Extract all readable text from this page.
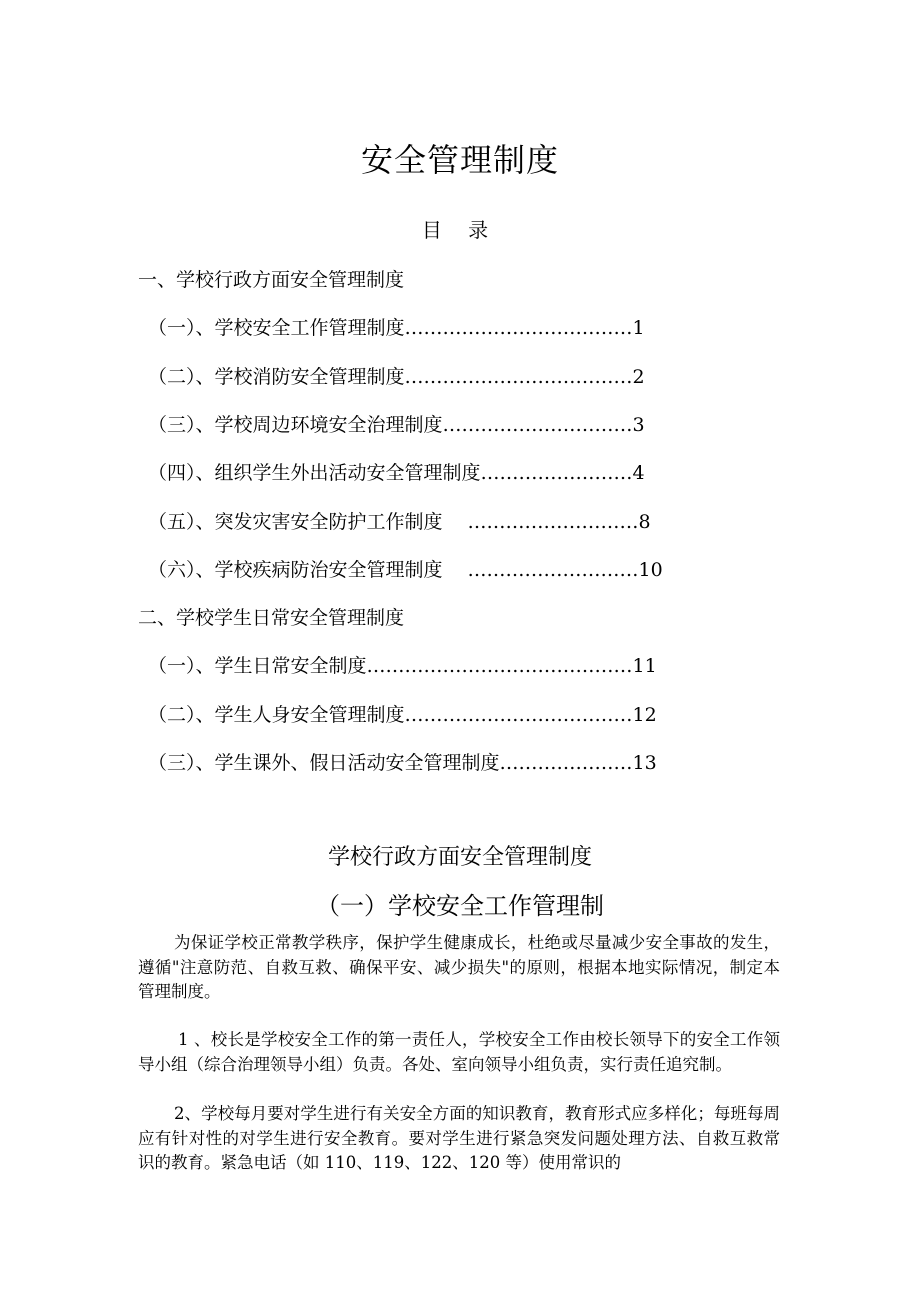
安全管理制度
目 录
一、学校行政方面安全管理制度
（一）、学校安全工作管理制度………………………………1
（二）、学校消防安全管理制度………………………………2
（三）、学校周边环境安全治理制度…………………………3
（四）、组织学生外出活动安全管理制度……………………4
（五）、突发灾害安全防护工作制度　 ………………………8
（六）、学校疾病防治安全管理制度　 ………………………10
二、学校学生日常安全管理制度
（一）、学生日常安全制度……………………………………11
（二）、学生人身安全管理制度………………………………12
（三）、学生课外、假日活动安全管理制度…………………13
学校行政方面安全管理制度
（一）学校安全工作管理制
为保证学校正常教学秩序，保护学生健康成长，杜绝或尽量减少安全事故的发生，遵循"注意防范、自救互救、确保平安、减少损失"的原则，根据本地实际情况，制定本管理制度。
1 、校长是学校安全工作的第一责任人，学校安全工作由校长领导下的安全工作领导小组（综合治理领导小组）负责。各处、室向领导小组负责，实行责任追究制。
2、学校每月要对学生进行有关安全方面的知识教育，教育形式应多样化；每班每周应有针对性的对学生进行安全教育。要对学生进行紧急突发问题处理方法、自救互救常识的教育。紧急电话（如 110、119、122、120 等）使用常识的
